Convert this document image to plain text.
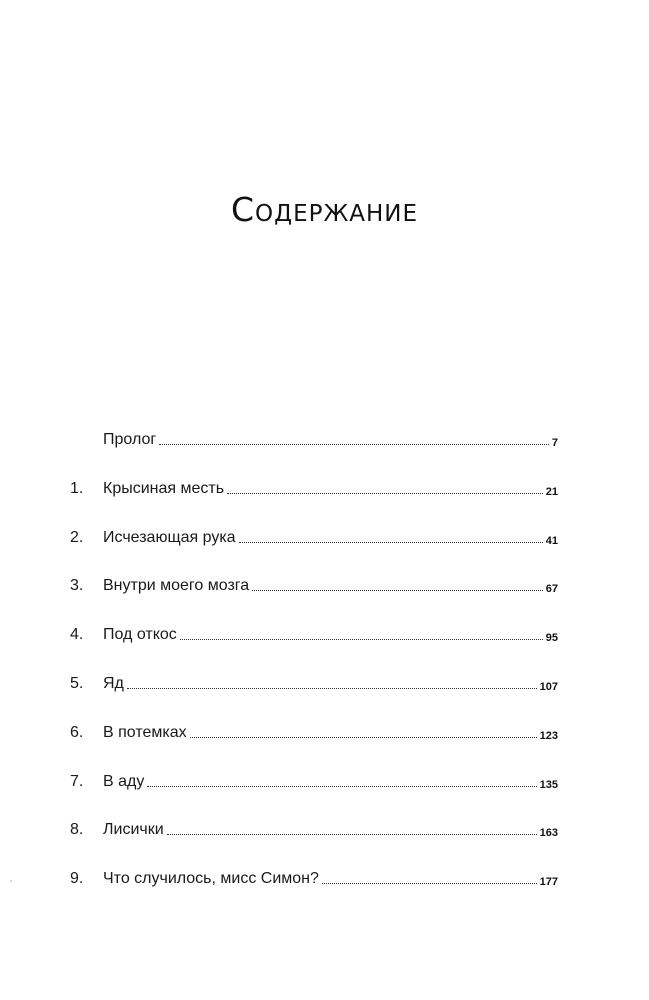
Содержание
Пролог	7
1.	Крысиная месть	21
2.	Исчезающая рука	41
3.	Внутри моего мозга	67
4.	Под откос	95
5.	Яд	107
6.	В потемках	123
7.	В аду	135
8.	Лисички	163
9.	Что случилось, мисс Симон?	177
